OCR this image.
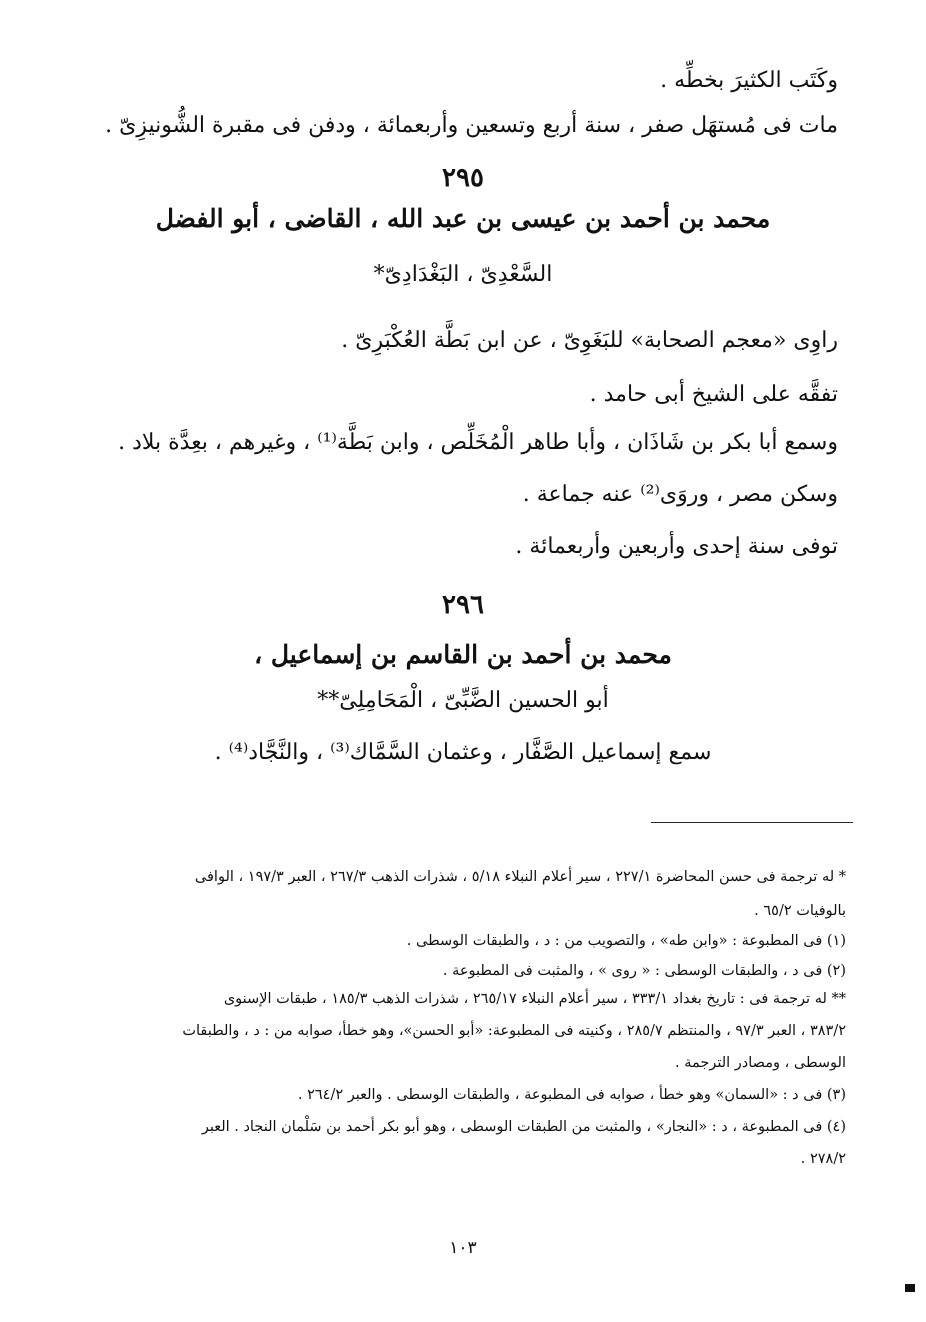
وكَتَب الكثيرَ بخطِّه .
مات فى مُستهَل صفر ، سنة أربع وتسعين وأربعمائة ، ودفن فى مقبرة الشُّونيزِىّ .
٢٩٥
محمد بن أحمد بن عيسى بن عبد الله ، القاضى ، أبو الفضل
السَّعْدِىّ ، البَغْدَادِىّ*
راوِى «معجم الصحابة» للبَغَوِىّ ، عن ابن بَطَّة العُكْبَرِىّ .
تفقَّه على الشيخ أبى حامد .
وسمع أبا بكر بن شَاذَان ، وأبا طاهر الْمُخَلِّص ، وابن بَطَّة⁽¹⁾ ، وغيرهم ، بعِدَّة بلاد .
وسكن مصر ، وروَى⁽²⁾ عنه جماعة .
توفى سنة إحدى وأربعين وأربعمائة .
٢٩٦
محمد بن أحمد بن القاسم بن إسماعيل ،
أبو الحسين الضَّبِّىّ ، الْمَحَامِلِىّ**
سمع إسماعيل الصَّفَّار ، وعثمان السَّمَّاك⁽³⁾ ، والنَّجَّاد⁽⁴⁾ .
* له ترجمة فى حسن المحاضرة ٢٢٧/١ ، سير أعلام النبلاء ٥/١٨ ، شذرات الذهب ٢٦٧/٣ ، العبر ١٩٧/٣ ، الوافى
بالوفيات ٦٥/٢ .
(١) فى المطبوعة : «وابن طه» ، والتصويب من : د ، والطبقات الوسطى .
(٢) فى د ، والطبقات الوسطى : « روى » ، والمثبت فى المطبوعة .
** له ترجمة فى : تاريخ بغداد ٣٣٣/١ ، سير أعلام النبلاء ٢٦٥/١٧ ، شذرات الذهب ١٨٥/٣ ، طبقات الإسنوى
٣٨٣/٢ ، العبر ٩٧/٣ ، والمنتظم ٢٨٥/٧ ، وكنيته فى المطبوعة: «أبو الحسن»، وهو خطأ، صوابه من : د ، والطبقات
الوسطى ، ومصادر الترجمة .
(٣) فى د : «السمان» وهو خطأ ، صوابه فى المطبوعة ، والطبقات الوسطى . والعبر ٢٦٤/٢ .
(٤) فى المطبوعة ، د : «النجار» ، والمثبت من الطبقات الوسطى ، وهو أبو بكر أحمد بن سَلْمان النجاد . العبر
٢٧٨/٢ .
١٠٣
